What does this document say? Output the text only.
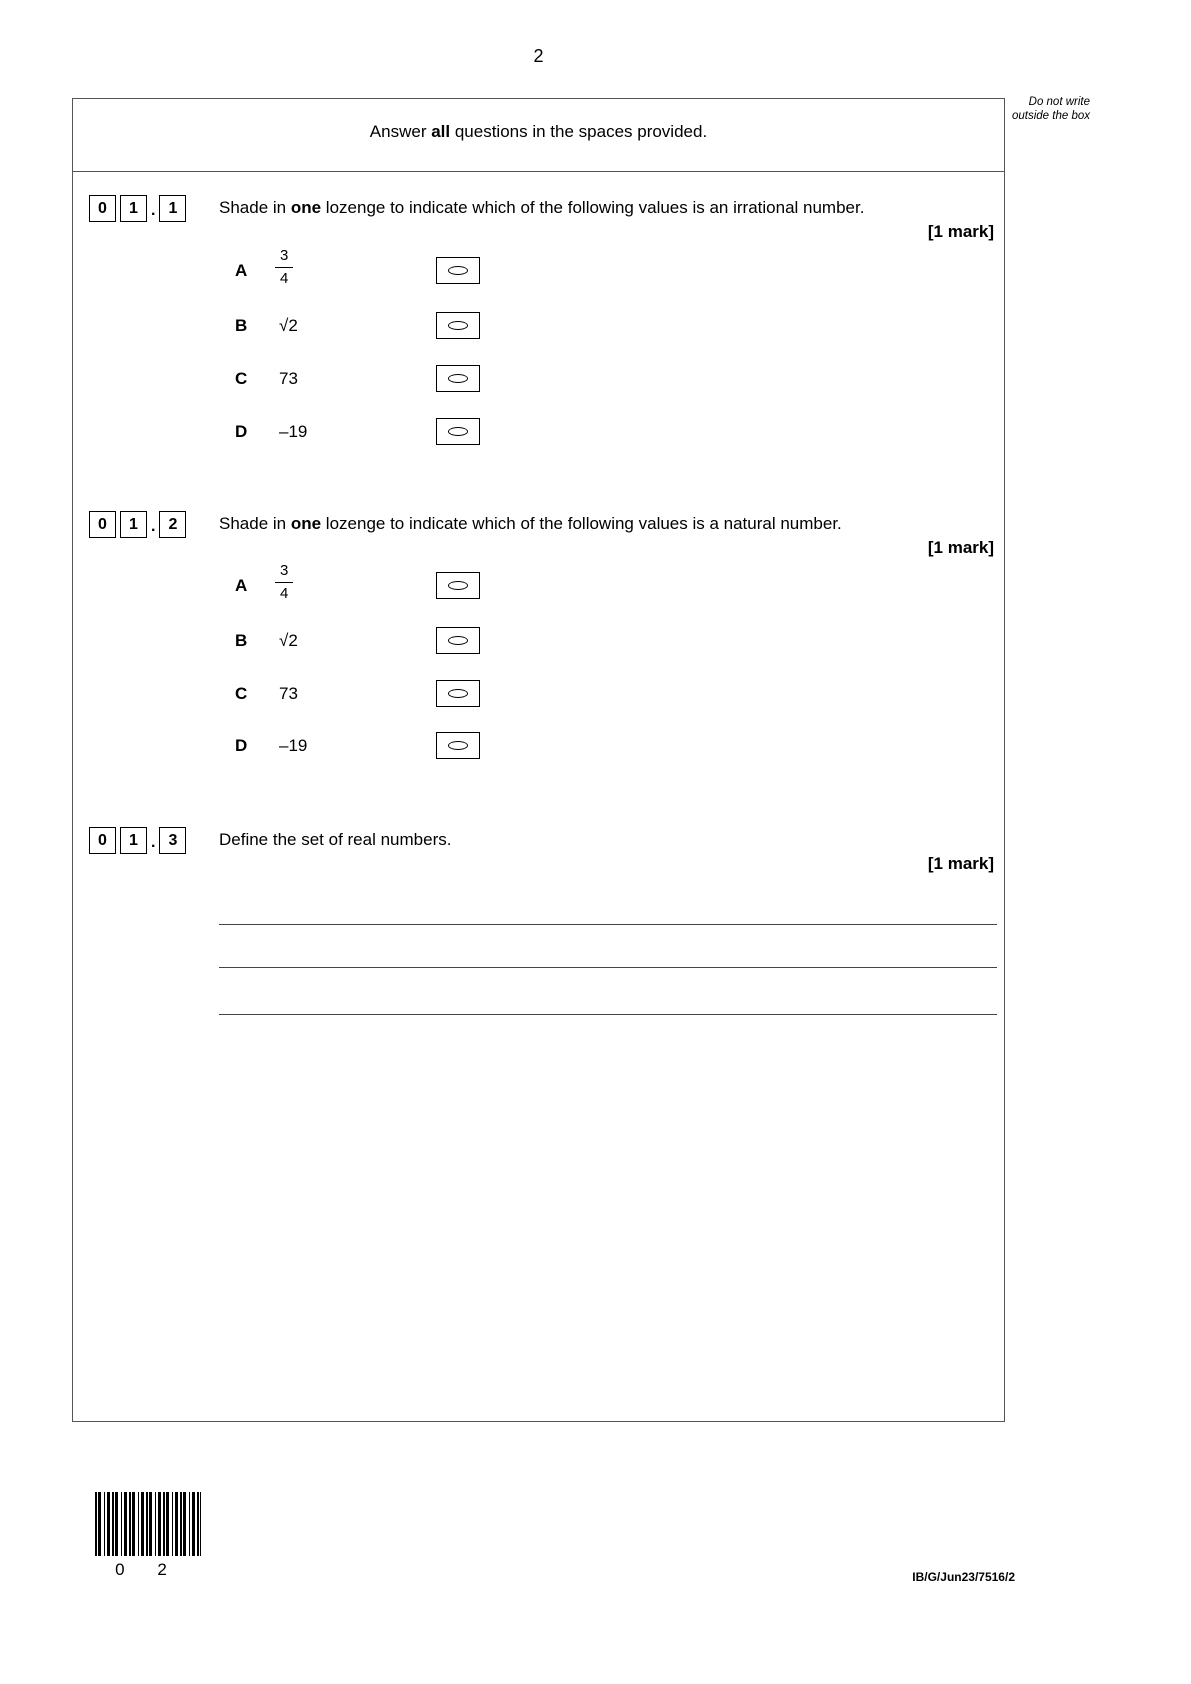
2
Do not write outside the box
Answer all questions in the spaces provided.
0	1 . 1	Shade in one lozenge to indicate which of the following values is an irrational number.
[1 mark]
A $\frac{3}{4}$
B √2
C 73
D –19
0	1 . 2	Shade in one lozenge to indicate which of the following values is a natural number.
[1 mark]
A $\frac{3}{4}$
B √2
C 73
D –19
0	1 . 3	Define the set of real numbers.
[1 mark]
0 2	IB/G/Jun23/7516/2
